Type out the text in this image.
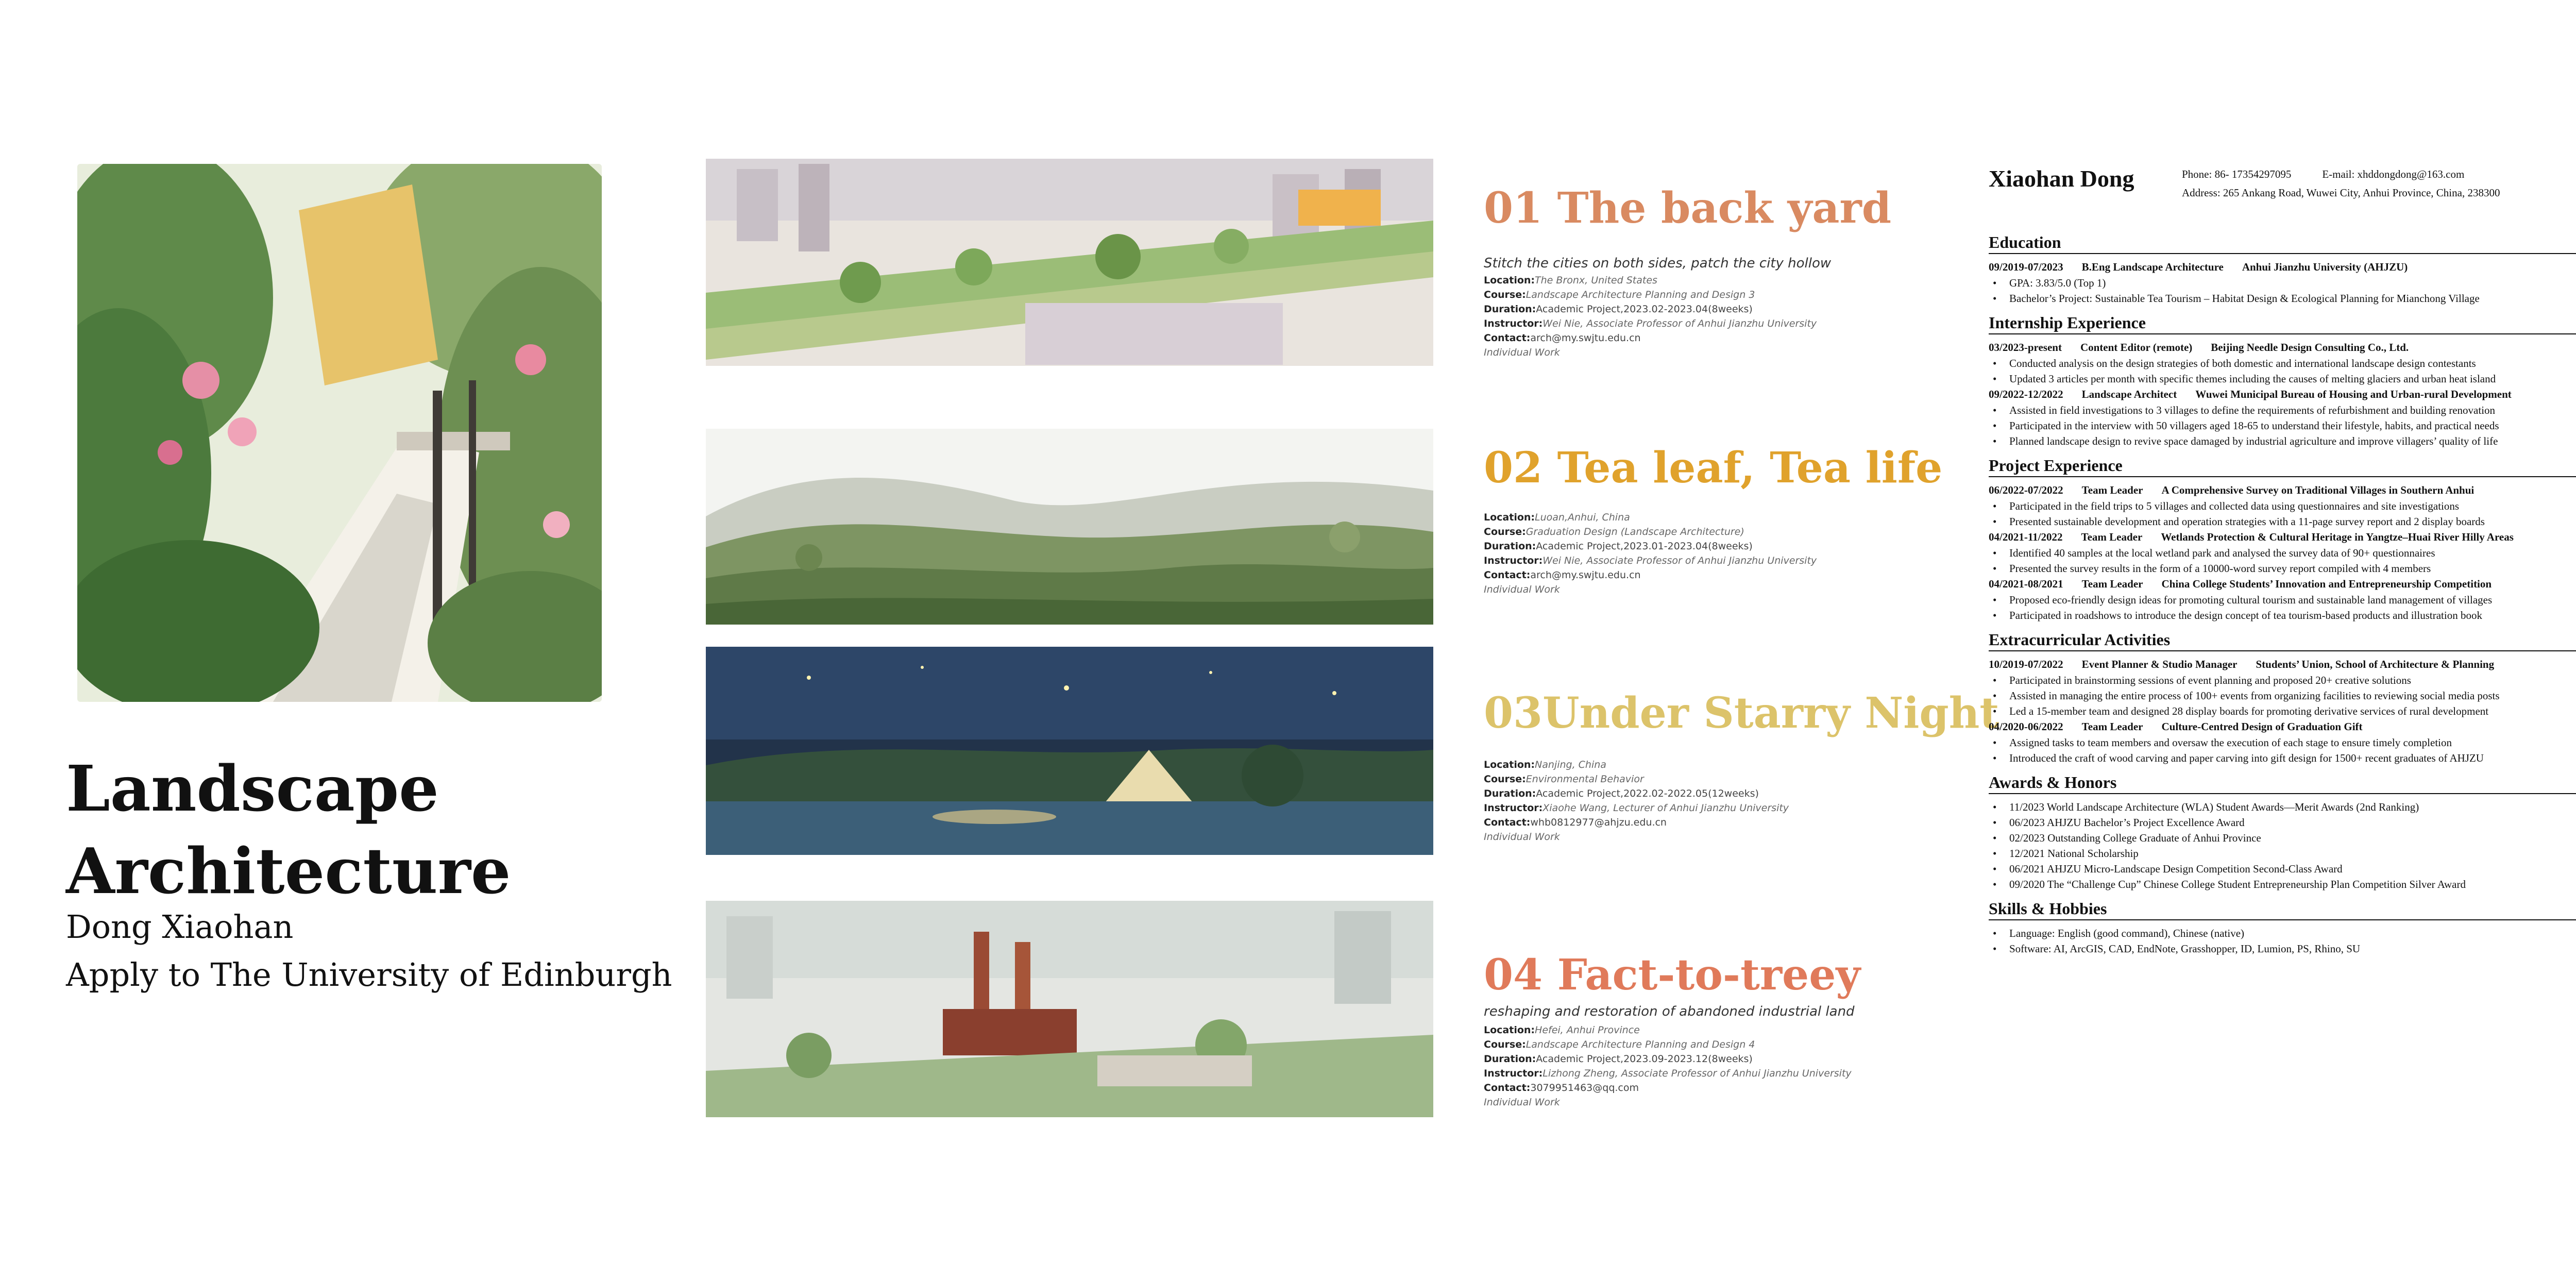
Landscape
Architecture
Dong Xiaohan
Apply to The University of Edinburgh
01 The back yard
Stitch the cities on both sides, patch the city hollow
Location:The Bronx, United States
Course:Landscape Architecture Planning and Design 3
Duration:Academic Project,2023.02-2023.04(8weeks)
Instructor:Wei Nie, Associate Professor of Anhui Jianzhu University
Contact:arch@my.swjtu.edu.cn
Individual Work
02 Tea leaf, Tea life
Location:Luoan,Anhui, China
Course:Graduation Design (Landscape Architecture)
Duration:Academic Project,2023.01-2023.04(8weeks)
Instructor:Wei Nie, Associate Professor of Anhui Jianzhu University
Contact:arch@my.swjtu.edu.cn
Individual Work
03Under Starry Night
Location:Nanjing, China
Course:Environmental Behavior
Duration:Academic Project,2022.02-2022.05(12weeks)
Instructor:Xiaohe Wang, Lecturer of Anhui Jianzhu University
Contact:whb0812977@ahjzu.edu.cn
Individual Work
04 Fact-to-treey
reshaping and restoration of abandoned industrial land
Location:Hefei, Anhui Province
Course:Landscape Architecture Planning and Design 4
Duration:Academic Project,2023.09-2023.12(8weeks)
Instructor:Lizhong Zheng, Associate Professor of Anhui Jianzhu University
Contact:3079951463@qq.com
Individual Work
Xiaohan Dong	Phone: 86- 17354297095	E-mail: xhddongdong@163.com
Address: 265 Ankang Road, Wuwei City, Anhui Province, China, 238300
Education
09/2019-07/2023 B.Eng Landscape Architecture Anhui Jianzhu University (AHJZU)
• GPA: 3.83/5.0 (Top 1)
• Bachelor’s Project: Sustainable Tea Tourism – Habitat Design & Ecological Planning for Mianchong Village
Internship Experience
03/2023-present Content Editor (remote) Beijing Needle Design Consulting Co., Ltd.
• Conducted analysis on the design strategies of both domestic and international landscape design contestants
• Updated 3 articles per month with specific themes including the causes of melting glaciers and urban heat island
09/2022-12/2022 Landscape Architect Wuwei Municipal Bureau of Housing and Urban-rural Development
• Assisted in field investigations to 3 villages to define the requirements of refurbishment and building renovation
• Participated in the interview with 50 villagers aged 18-65 to understand their lifestyle, habits, and practical needs
• Planned landscape design to revive space damaged by industrial agriculture and improve villagers’ quality of life
Project Experience
06/2022-07/2022 Team Leader A Comprehensive Survey on Traditional Villages in Southern Anhui
• Participated in the field trips to 5 villages and collected data using questionnaires and site investigations
• Presented sustainable development and operation strategies with a 11-page survey report and 2 display boards
04/2021-11/2022 Team Leader Wetlands Protection & Cultural Heritage in Yangtze–Huai River Hilly Areas
• Identified 40 samples at the local wetland park and analysed the survey data of 90+ questionnaires
• Presented the survey results in the form of a 10000-word survey report compiled with 4 members
04/2021-08/2021 Team Leader China College Students’ Innovation and Entrepreneurship Competition
• Proposed eco-friendly design ideas for promoting cultural tourism and sustainable land management of villages
• Participated in roadshows to introduce the design concept of tea tourism-based products and illustration book
Extracurricular Activities
10/2019-07/2022 Event Planner & Studio Manager Students’ Union, School of Architecture & Planning
• Participated in brainstorming sessions of event planning and proposed 20+ creative solutions
• Assisted in managing the entire process of 100+ events from organizing facilities to reviewing social media posts
• Led a 15-member team and designed 28 display boards for promoting derivative services of rural development
04/2020-06/2022 Team Leader Culture-Centred Design of Graduation Gift
• Assigned tasks to team members and oversaw the execution of each stage to ensure timely completion
• Introduced the craft of wood carving and paper carving into gift design for 1500+ recent graduates of AHJZU
Awards & Honors
• 11/2023 World Landscape Architecture (WLA) Student Awards—Merit Awards (2nd Ranking)
• 06/2023 AHJZU Bachelor’s Project Excellence Award
• 02/2023 Outstanding College Graduate of Anhui Province
• 12/2021 National Scholarship
• 06/2021 AHJZU Micro-Landscape Design Competition Second-Class Award
• 09/2020 The “Challenge Cup” Chinese College Student Entrepreneurship Plan Competition Silver Award
Skills & Hobbies
• Language: English (good command), Chinese (native)
• Software: AI, ArcGIS, CAD, EndNote, Grasshopper, ID, Lumion, PS, Rhino, SU
